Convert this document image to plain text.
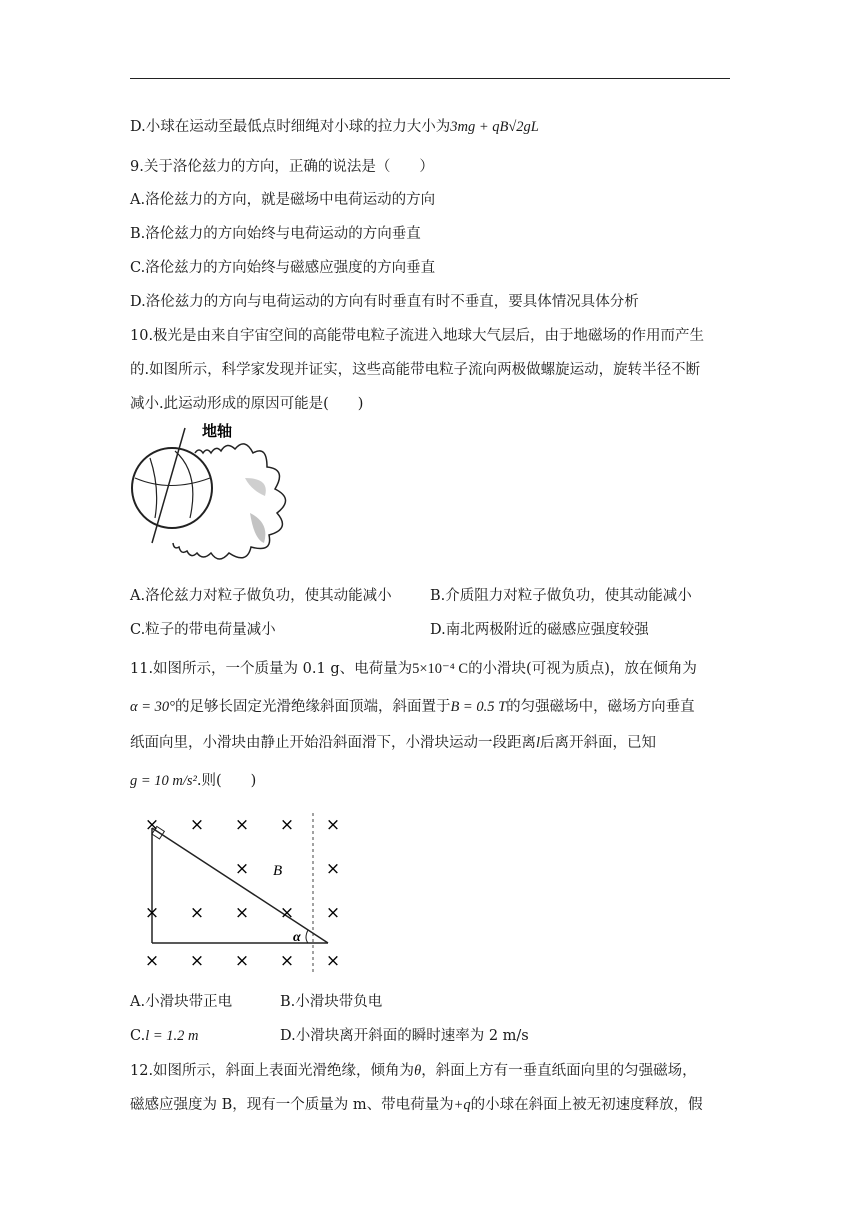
D.小球在运动至最低点时细绳对小球的拉力大小为3mg + qB√2gL
9.关于洛伦兹力的方向，正确的说法是（　　）
A.洛伦兹力的方向，就是磁场中电荷运动的方向
B.洛伦兹力的方向始终与电荷运动的方向垂直
C.洛伦兹力的方向始终与磁感应强度的方向垂直
D.洛伦兹力的方向与电荷运动的方向有时垂直有时不垂直，要具体情况具体分析
10.极光是由来自宇宙空间的高能带电粒子流进入地球大气层后，由于地磁场的作用而产生
的.如图所示，科学家发现并证实，这些高能带电粒子流向两极做螺旋运动，旋转半径不断
减小.此运动形成的原因可能是(　　)
地轴
A.洛伦兹力对粒子做负功，使其动能减小	B.介质阻力对粒子做负功，使其动能减小
C.粒子的带电荷量减小	D.南北两极附近的磁感应强度较强
11.如图所示，一个质量为 0.1 g、电荷量为5×10⁻⁴ C的小滑块(可视为质点)，放在倾角为
α = 30°的足够长固定光滑绝缘斜面顶端，斜面置于B = 0.5 T的匀强磁场中，磁场方向垂直
纸面向里，小滑块由静止开始沿斜面滑下，小滑块运动一段距离l后离开斜面，已知
g = 10 m/s².则(　　)
B
α
× × × × ×
× × × × ×
× × × × ×
×	×
A.小滑块带正电	B.小滑块带负电
C.l = 1.2 m	D.小滑块离开斜面的瞬时速率为 2 m/s
12.如图所示，斜面上表面光滑绝缘，倾角为θ，斜面上方有一垂直纸面向里的匀强磁场，
磁感应强度为 B，现有一个质量为 m、带电荷量为+q的小球在斜面上被无初速度释放，假
